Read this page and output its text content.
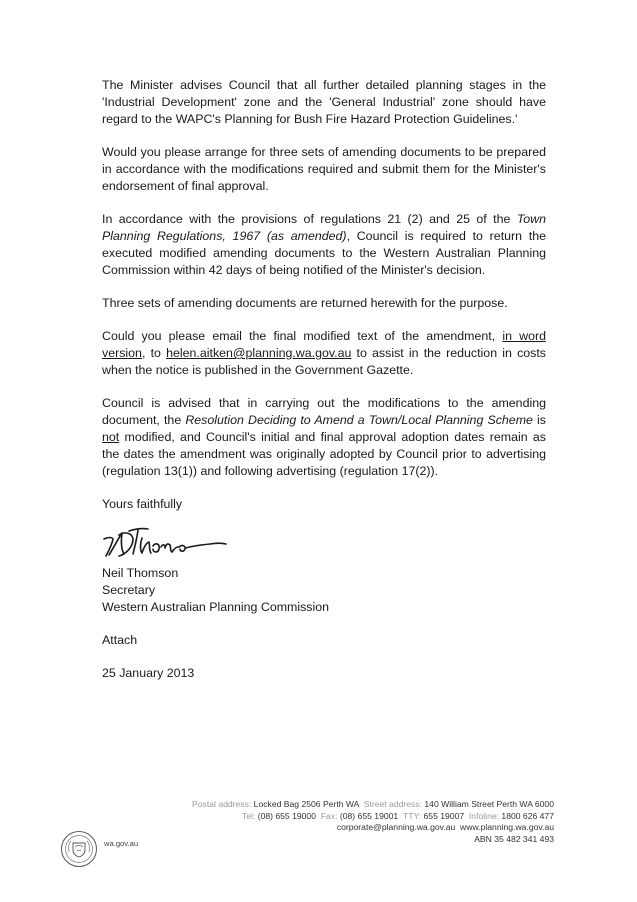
The Minister advises Council that all further detailed planning stages in the 'Industrial Development' zone and the 'General Industrial' zone should have regard to the WAPC's Planning for Bush Fire Hazard Protection Guidelines.'

Would you please arrange for three sets of amending documents to be prepared in accordance with the modifications required and submit them for the Minister's endorsement of final approval.

In accordance with the provisions of regulations 21 (2) and 25 of the Town Planning Regulations, 1967 (as amended), Council is required to return the executed modified amending documents to the Western Australian Planning Commission within 42 days of being notified of the Minister's decision.

Three sets of amending documents are returned herewith for the purpose.

Could you please email the final modified text of the amendment, in word version, to helen.aitken@planning.wa.gov.au to assist in the reduction in costs when the notice is published in the Government Gazette.

Council is advised that in carrying out the modifications to the amending document, the Resolution Deciding to Amend a Town/Local Planning Scheme is not modified, and Council's initial and final approval adoption dates remain as the dates the amendment was originally adopted by Council prior to advertising (regulation 13(1)) and following advertising (regulation 17(2)).

Yours faithfully

Neil Thomson
Secretary
Western Australian Planning Commission

Attach

25 January 2013

Postal address: Locked Bag 2506 Perth WA Street address: 140 William Street Perth WA 6000
Tel: (08) 655 19000 Fax: (08) 655 19001 TTY: 655 19007 Infoline: 1800 626 477
corporate@planning.wa.gov.au www.planning.wa.gov.au
ABN 35 482 341 493
wa.gov.au
